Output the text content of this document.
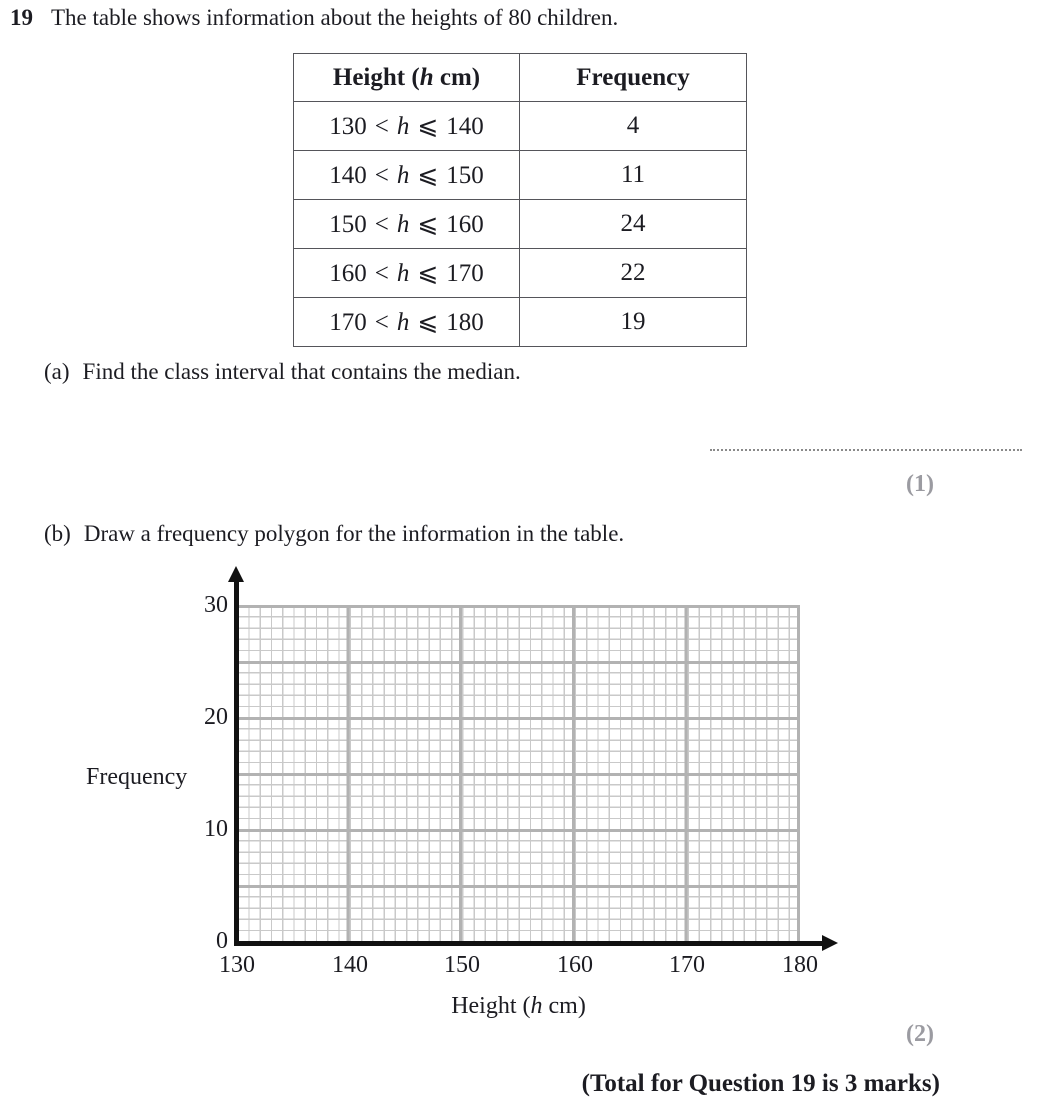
19 The table shows information about the heights of 80 children.
Height (h cm)	Frequency
130 < h ⩽ 140	4
140 < h ⩽ 150	11
150 < h ⩽ 160	24
160 < h ⩽ 170	22
170 < h ⩽ 180	19
(a) Find the class interval that contains the median.
(1)
(b) Draw a frequency polygon for the information in the table.
30
20
10
0
130	140	150	160	170	180
Frequency
Height (h cm)
(2)
(Total for Question 19 is 3 marks)
